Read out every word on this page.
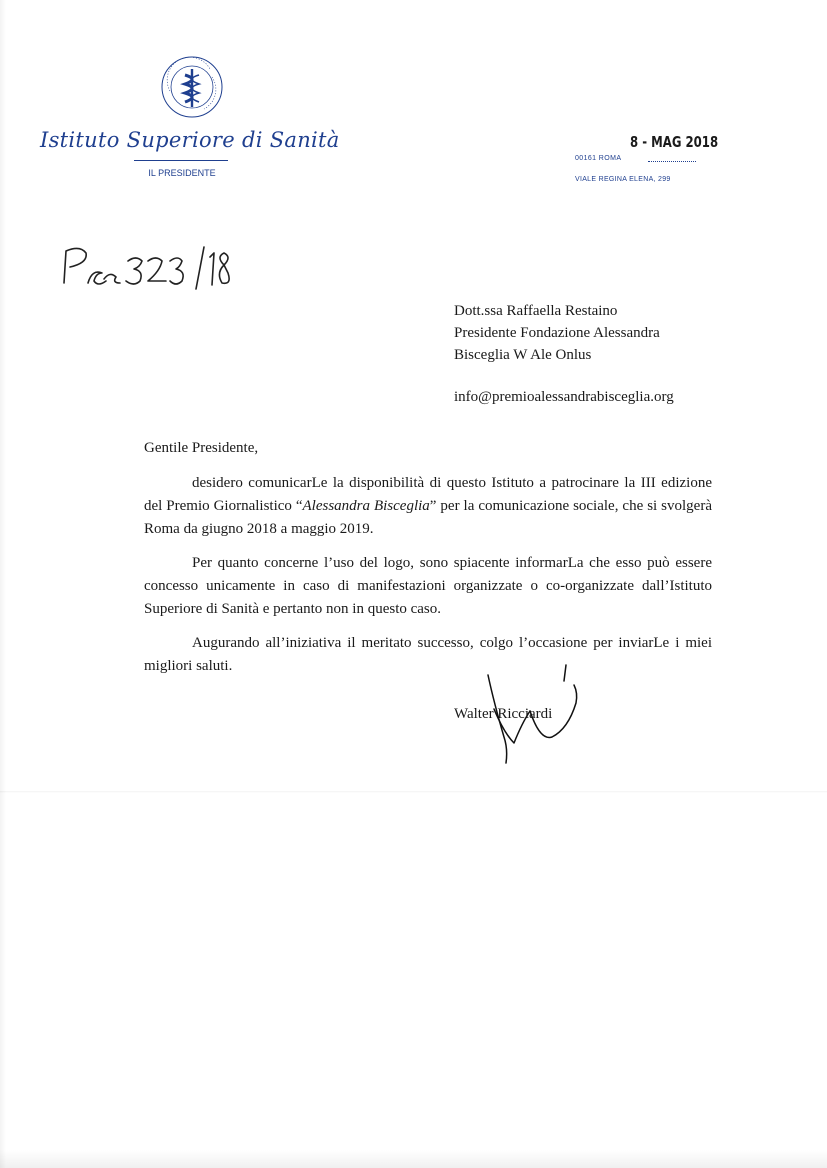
Istituto Superiore di Sanità
IL PRESIDENTE
8 - MAG 2018
00161 ROMA
VIALE REGINA ELENA, 299
Dott.ssa Raffaella Restaino
Presidente Fondazione Alessandra
Bisceglia W Ale Onlus
info@premioalessandrabisceglia.org
Gentile Presidente,

desidero comunicarLe la disponibilità di questo Istituto a patrocinare la III edizione del Premio Giornalistico “Alessandra Bisceglia” per la comunicazione sociale, che si svolgerà Roma da giugno 2018 a maggio 2019.

Per quanto concerne l’uso del logo, sono spiacente informarLa che esso può essere concesso unicamente in caso di manifestazioni organizzate o co-organizzate dall’Istituto Superiore di Sanità e pertanto non in questo caso.

Augurando all’iniziativa il meritato successo, colgo l’occasione per inviarLe i miei migliori saluti.

Walter Ricciardi
